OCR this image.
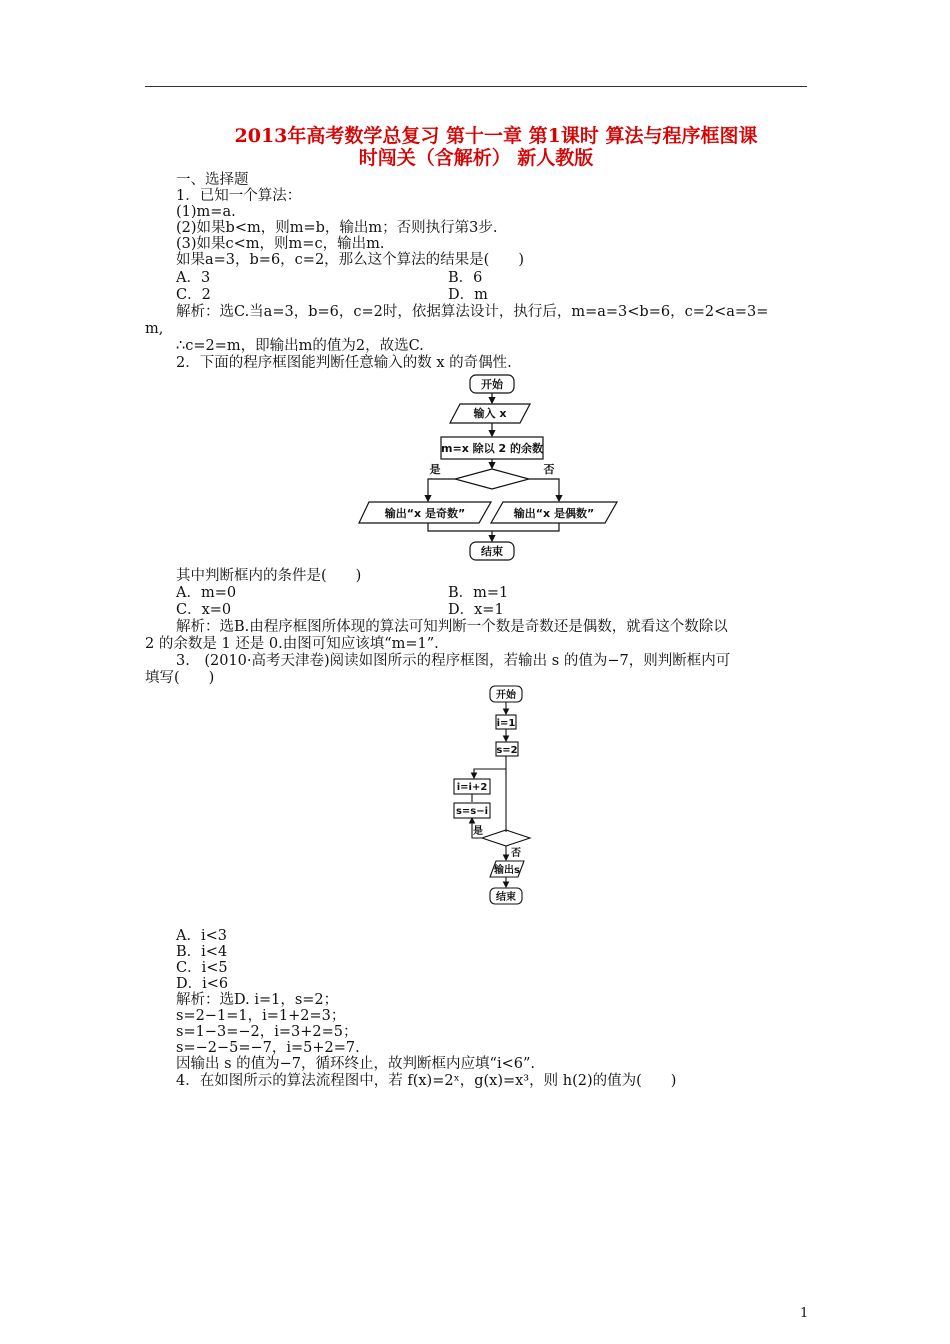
2013年高考数学总复习 第十一章 第1课时 算法与程序框图课
时闯关（含解析） 新人教版
一、选择题
1．已知一个算法：
(1)m=a.
(2)如果b<m，则m=b，输出m；否则执行第3步.
(3)如果c<m，则m=c，输出m.
如果a=3，b=6，c=2，那么这个算法的结果是(　　)
A．3	B．6
C．2	D．m
解析：选C.当a=3，b=6，c=2时，依据算法设计，执行后，m=a=3<b=6，c=2<a=3=
m,
∴c=2=m，即输出m的值为2，故选C.
2．下面的程序框图能判断任意输入的数 x 的奇偶性.
开始
输入 x
m=x 除以 2 的余数
是	否
输出“x 是奇数”	输出“x 是偶数”
结束
其中判断框内的条件是(　　)
A．m=0	B．m=1
C．x=0	D．x=1
解析：选B.由程序框图所体现的算法可知判断一个数是奇数还是偶数，就看这个数除以
2 的余数是 1 还是 0.由图可知应该填“m=1”.
3.　(2010·高考天津卷)阅读如图所示的程序框图，若输出 s 的值为−7，则判断框内可
填写(　　)
开始
i=1
s=2
i=i+2
s=s−i
是
否
输出s
结束
A．i<3
B．i<4
C．i<5
D．i<6
解析：选D. i=1，s=2；
s=2−1=1，i=1+2=3；
s=1−3=−2，i=3+2=5；
s=−2−5=−7，i=5+2=7.
因输出 s 的值为−7，循环终止，故判断框内应填“i<6”.
4．在如图所示的算法流程图中，若 f(x)=2ˣ，g(x)=x³，则 h(2)的值为(　　)
1
